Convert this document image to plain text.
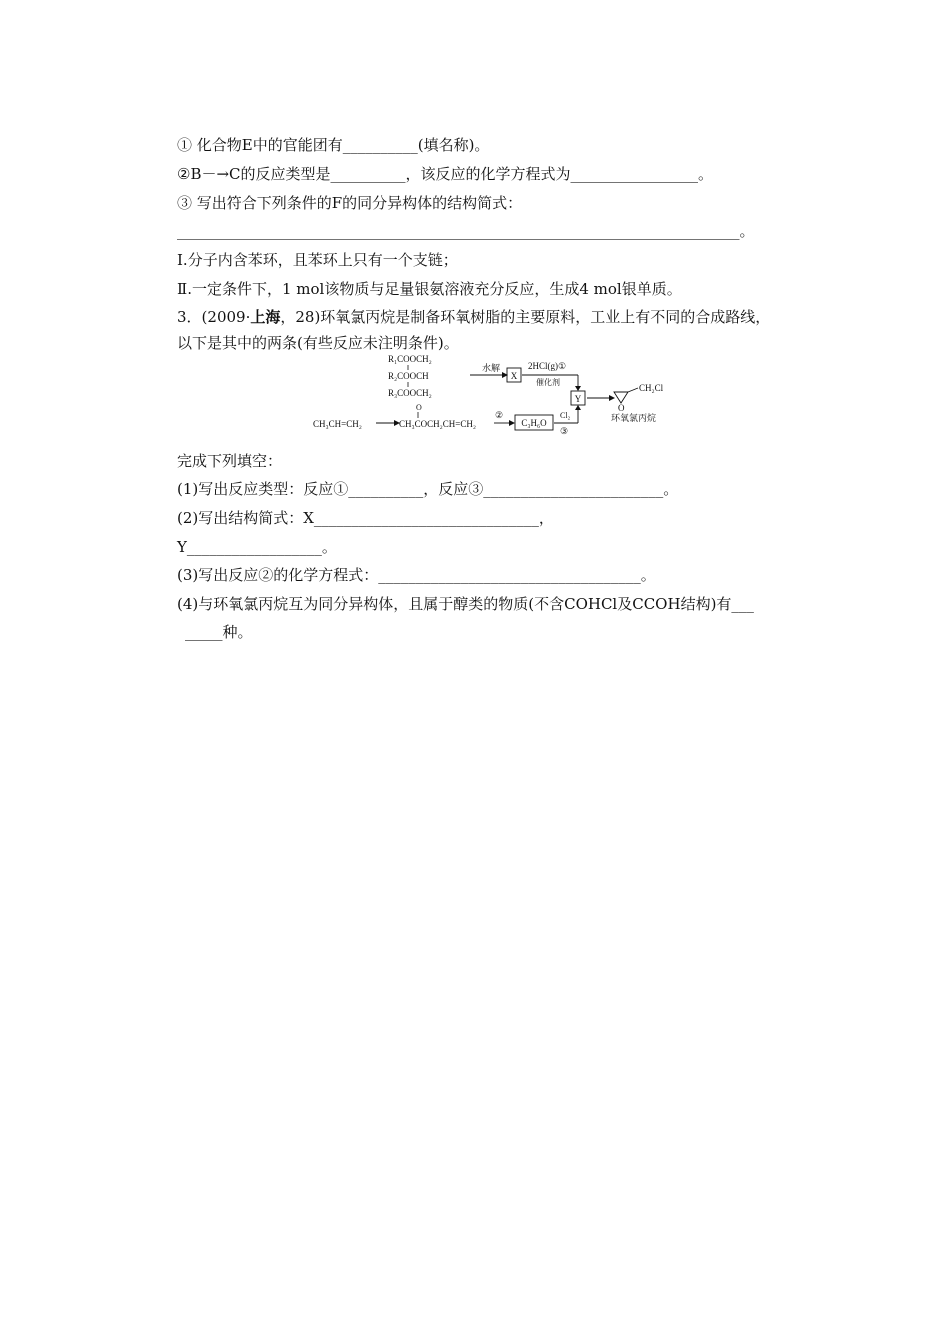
① 化合物E中的官能团有__________(填名称)。
②B－→C的反应类型是__________，该反应的化学方程式为_________________。
③ 写出符合下列条件的F的同分异构体的结构简式：
___________________________________________________________________________。
Ⅰ.分子内含苯环，且苯环上只有一个支链；
Ⅱ.一定条件下，1 mol该物质与足量银氨溶液充分反应，生成4 mol银单质。
3．(2009·上海，28)环氧氯丙烷是制备环氧树脂的主要原料，工业上有不同的合成路线，
以下是其中的两条(有些反应未注明条件)。
R₁COOCH₂
R₂COOCH
R₃COOCH₂
水解
X
2HCl(g)①
催化剂
Y
CH₂Cl
O
环氧氯丙烷
CH₃CH=CH₂
O
CH₃COCH₂CH=CH₂
②
C₃H₆O
Cl₂
③
完成下列填空：
(1)写出反应类型：反应①__________，反应③________________________。
(2)写出结构简式：X______________________________，
Y__________________。
(3)写出反应②的化学方程式：___________________________________。
(4)与环氧氯丙烷互为同分异构体，且属于醇类的物质(不含COHCl及CCOH结构)有___
_____种。
